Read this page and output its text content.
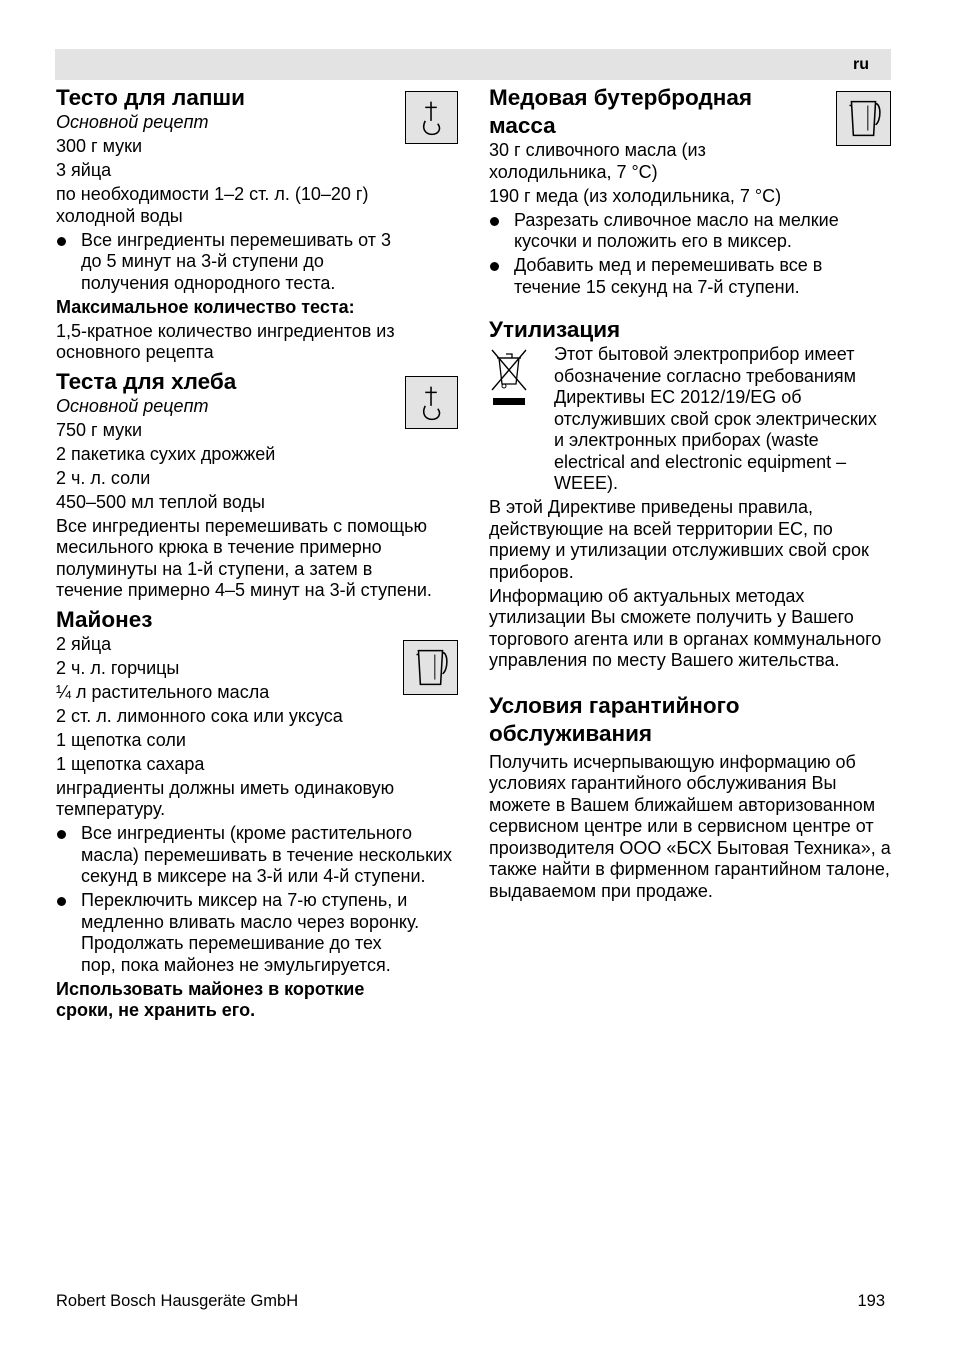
ru
Тесто для лапши

Основной рецепт

300 г муки

3 яйца

по необходимости 1–2 ст. л. (10–20 г) холодной воды

Все ингредиенты перемешивать от 3 до 5 минут на 3-й ступени до получения однородного теста.

Максимальное количество теста:

1,5-кратное количество ингредиентов из основного рецепта

Теста для хлеба

Основной рецепт

750 г муки

2 пакетика сухих дрожжей

2 ч. л. соли

450–500 мл теплой воды

Все ингредиенты перемешивать с помощью месильного крюка в течение примерно полуминуты на 1-й ступени, а затем в течение примерно 4–5 минут на 3-й ступени.

Майонез

2 яйца

2 ч. л. горчицы

¼ л растительного масла

2 ст. л. лимонного сока или уксуса

1 щепотка соли

1 щепотка сахара

инградиенты должны иметь одинаковую температуру.

Все ингредиенты (кроме растительного масла) перемешивать в течение нескольких секунд в миксере на 3-й или 4-й ступени.
Переключить миксер на 7-ю ступень, и медленно вливать масло через воронку. Продолжать перемешивание до тех пор, пока майонез не эмульгируется.

Использовать майонез в короткие сроки, не хранить его.

Медовая бутербродная масса

30 г сливочного масла (из холодильника, 7 °C)

190 г меда (из холодильника, 7 °C)

Разрезать сливочное масло на мелкие кусочки и положить его в миксер.
Добавить мед и перемешивать все в течение 15 секунд на 7-й ступени.
Утилизация

Этот бытовой электроприбор имеет обозначение согласно требованиям Директивы ЕС 2012/19/EG об отслуживших свой срок электрических и электронных приборах (waste electrical and electronic equipment – WEEE).

В этой Директиве приведены правила, действующие на всей территории ЕС, по приему и утилизации отслуживших свой срок приборов.

Информацию об актуальных методах утилизации Вы сможете получить у Вашего торгового агента или в органах коммунального управления по месту Вашего жительства.

Условия гарантийного обслуживания

Получить исчерпывающую информацию об условиях гарантийного обслуживания Вы можете в Вашем ближайшем авторизованном сервисном центре или в сервисном центре от производителя ООО «БСХ Бытовая Техника», а также найти в фирменном гарантийном талоне, выдаваемом при продаже.

Robert Bosch Hausgeräte GmbH	193
